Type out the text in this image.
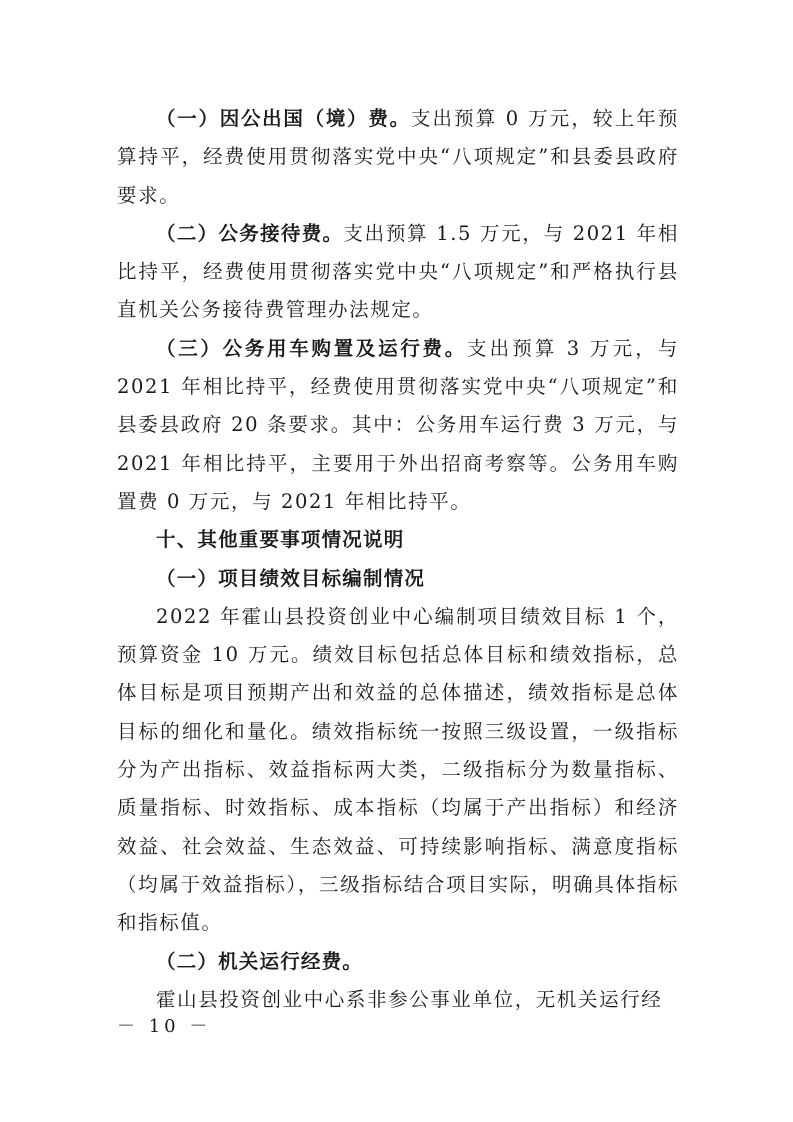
（一）因公出国（境）费。支出预算 0 万元，较上年预算持平，经费使用贯彻落实党中央“八项规定”和县委县政府要求。

（二）公务接待费。支出预算 1.5 万元，与 2021 年相比持平，经费使用贯彻落实党中央“八项规定”和严格执行县直机关公务接待费管理办法规定。

（三）公务用车购置及运行费。支出预算 3 万元，与 2021 年相比持平，经费使用贯彻落实党中央“八项规定”和县委县政府 20 条要求。其中：公务用车运行费 3 万元，与 2021 年相比持平，主要用于外出招商考察等。公务用车购置费 0 万元，与 2021 年相比持平。

十、其他重要事项情况说明

（一）项目绩效目标编制情况

2022 年霍山县投资创业中心编制项目绩效目标 1 个，预算资金 10 万元。绩效目标包括总体目标和绩效指标，总体目标是项目预期产出和效益的总体描述，绩效指标是总体目标的细化和量化。绩效指标统一按照三级设置，一级指标分为产出指标、效益指标两大类，二级指标分为数量指标、质量指标、时效指标、成本指标（均属于产出指标）和经济效益、社会效益、生态效益、可持续影响指标、满意度指标（均属于效益指标），三级指标结合项目实际，明确具体指标和指标值。

（二）机关运行经费。

霍山县投资创业中心系非参公事业单位，无机关运行经

－ 10 －
